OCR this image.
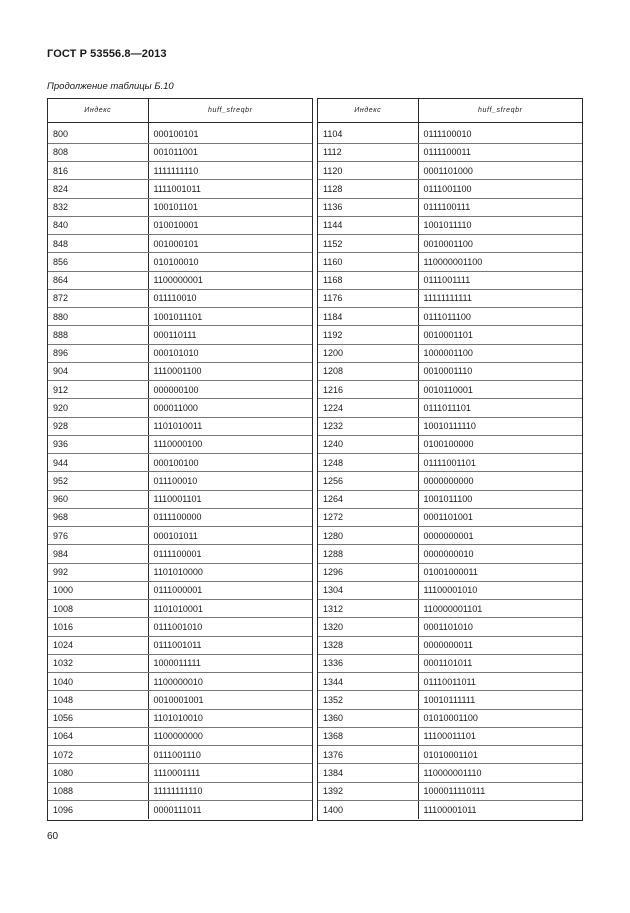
ГОСТ Р 53556.8—2013
Продолжение таблицы Б.10
Индекс	huff_sfreqbr

800	000100101
808	001011001
816	1111111110
824	1111001011
832	100101101
840	010010001
848	001000101
856	010100010
864	1100000001
872	011110010
880	1001011101
888	000110111
896	000101010
904	1110001100
912	000000100
920	000011000
928	1101010011
936	1110000100
944	000100100
952	011100010
960	1110001101
968	0111100000
976	000101011
984	0111100001
992	1101010000
1000	0111000001
1008	1101010001
1016	0111001010
1024	0111001011
1032	1000011111
1040	1100000010
1048	0010001001
1056	1101010010
1064	1100000000
1072	0111001110
1080	1110001111
1088	11111111110
1096	0000111011
Индекс	huff_sfreqbr

1104	0111100010
1112	0111100011
1120	0001101000
1128	0111001100
1136	0111100111
1144	1001011110
1152	0010001100
1160	110000001100
1168	0111001111
1176	11111111111
1184	0111011100
1192	0010001101
1200	1000001100
1208	0010001110
1216	0010110001
1224	0111011101
1232	10010111110
1240	0100100000
1248	01111001101
1256	0000000000
1264	1001011100
1272	0001101001
1280	0000000001
1288	0000000010
1296	01001000011
1304	11100001010
1312	110000001101
1320	0001101010
1328	0000000011
1336	0001101011
1344	01110011011
1352	10010111111
1360	01010001100
1368	11100011101
1376	01010001101
1384	110000001110
1392	1000011110111
1400	11100001011
60
